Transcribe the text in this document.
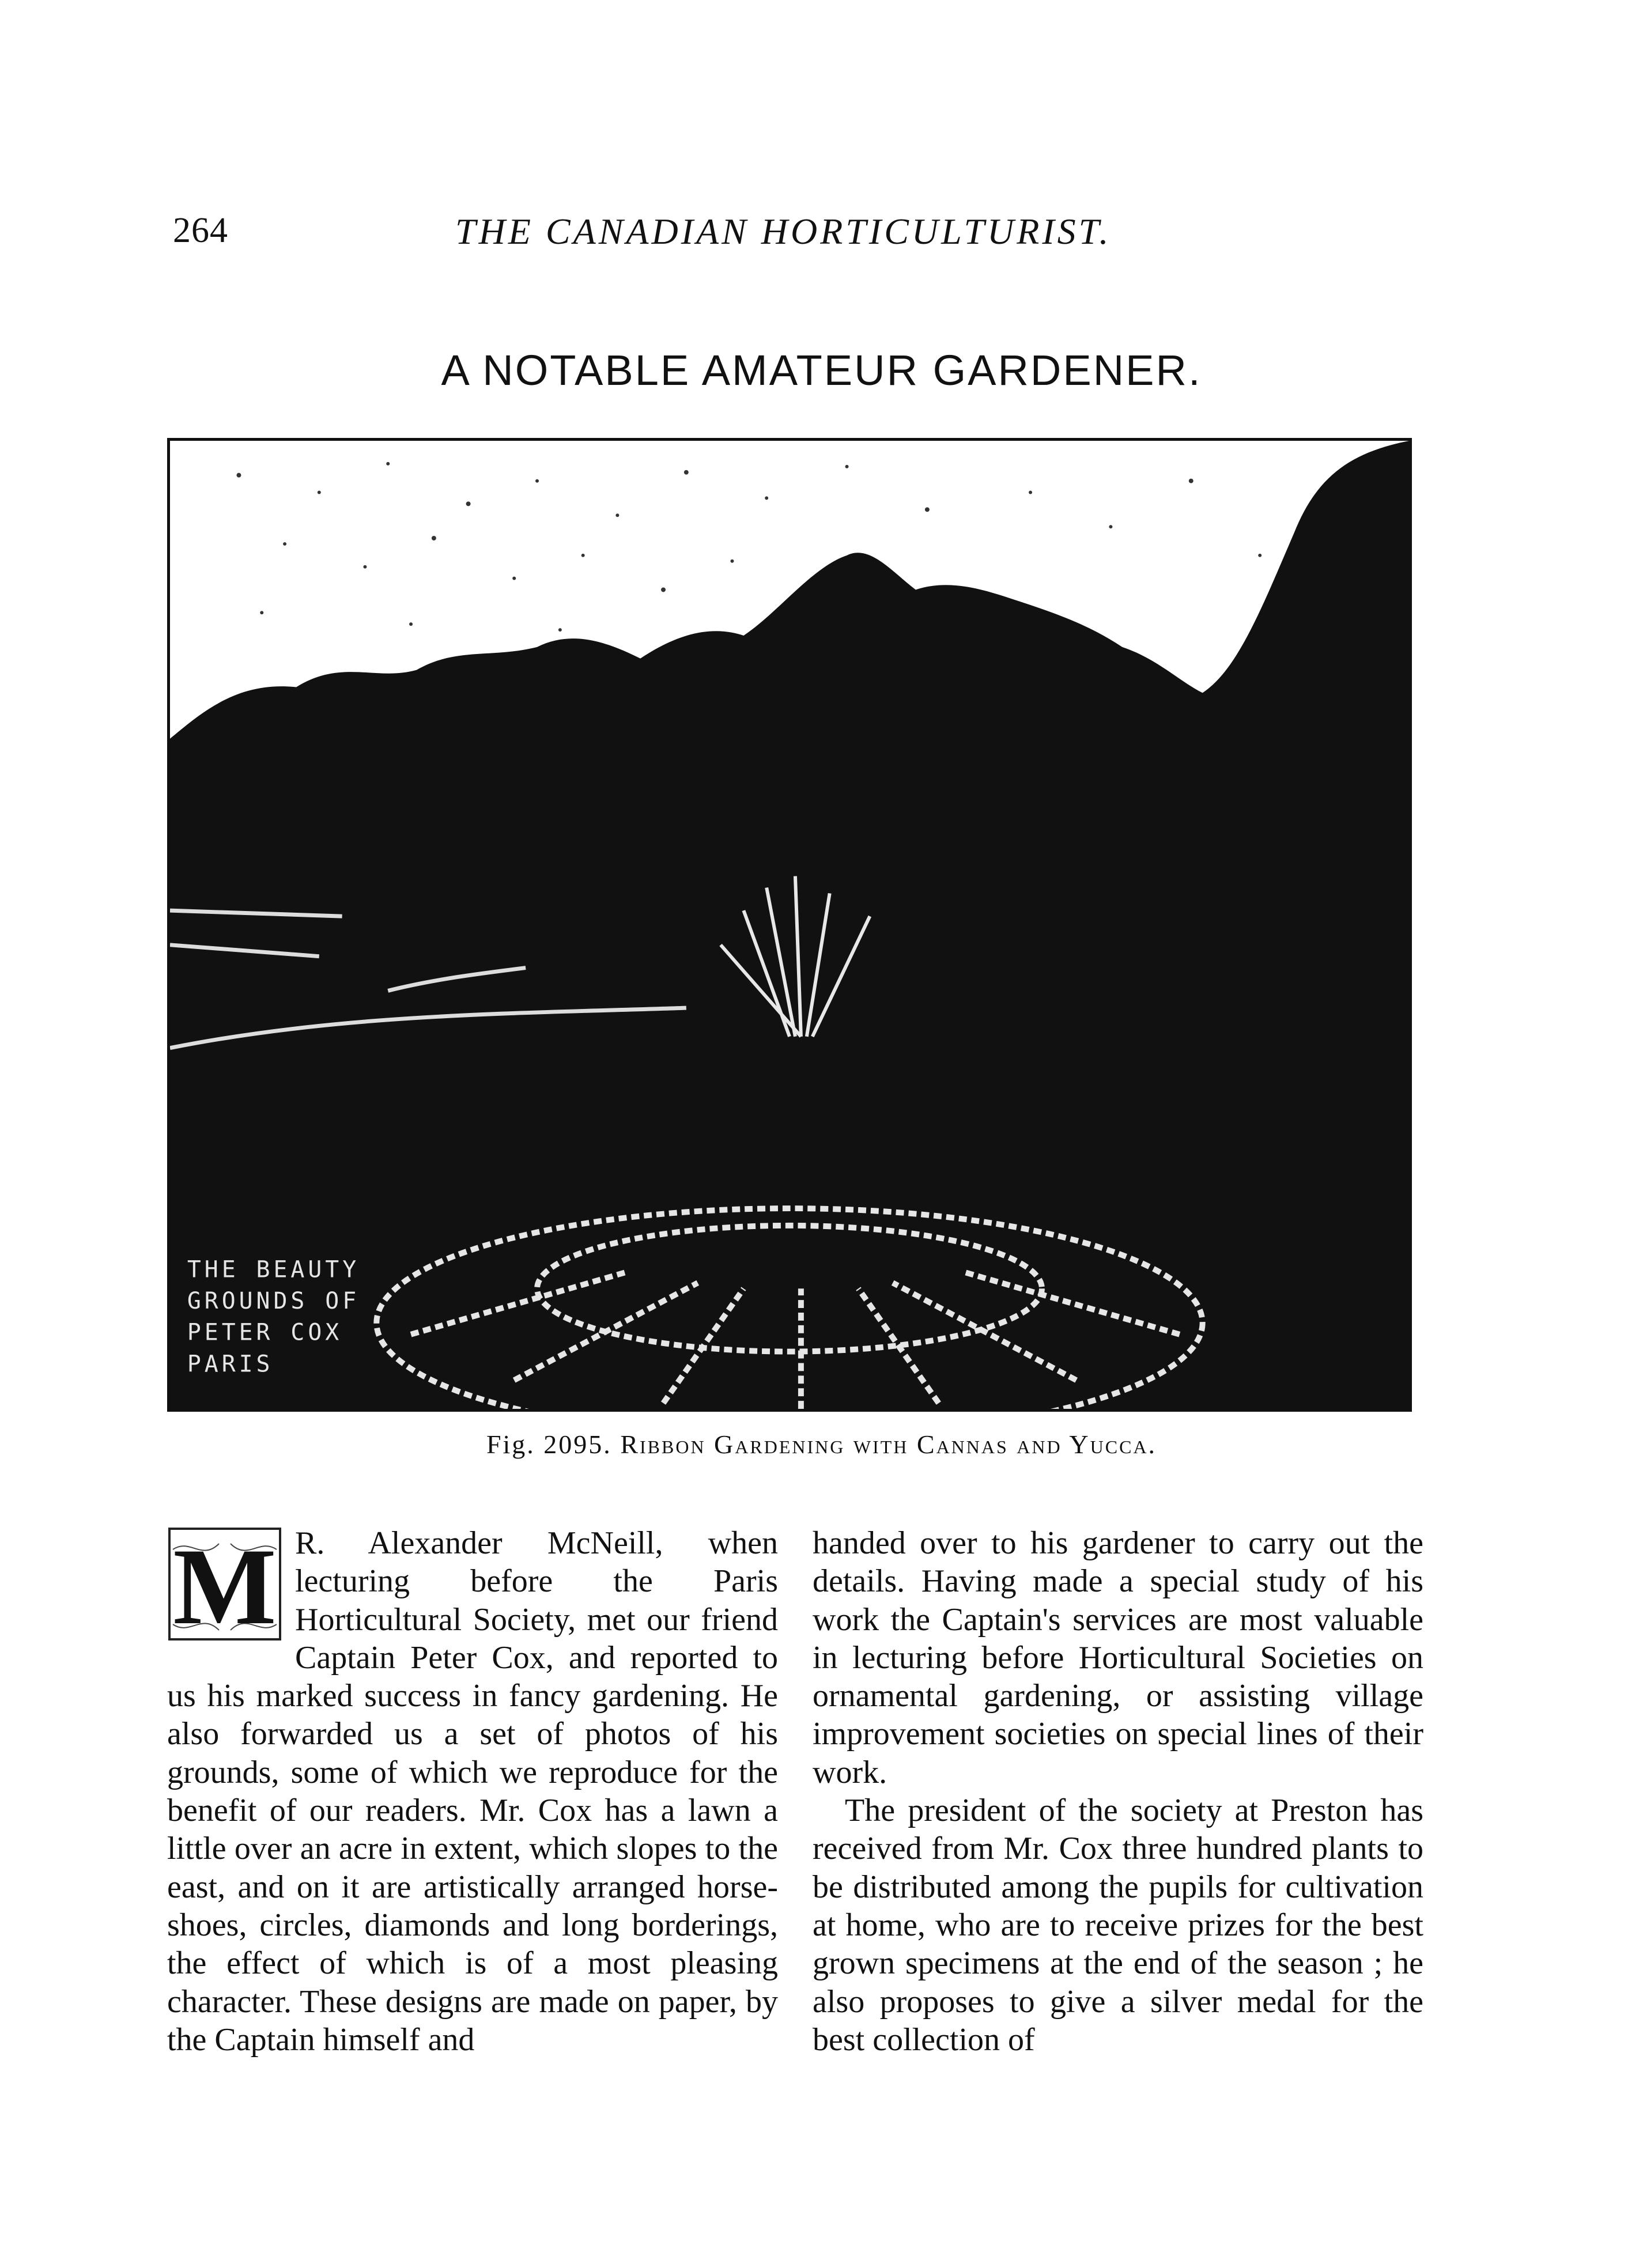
264	THE CANADIAN HORTICULTURIST.
A NOTABLE AMATEUR GARDENER.
THE BEAUTY
GROUNDS OF
PETER COX
PARIS
Fig. 2095. Ribbon Gardening with Cannas and Yucca.
M R. Alexander McNeill, when lecturing before the Paris Horticultural Society, met our friend Captain Peter Cox, and reported to us his marked success in fancy gardening. He also forwarded us a set of photos of his grounds, some of which we reproduce for the benefit of our readers. Mr. Cox has a lawn a little over an acre in extent, which slopes to the east, and on it are artistically arranged horse-shoes, circles, diamonds and long borderings, the effect of which is of a most pleasing character. These designs are made on paper, by the Captain himself and

handed over to his gardener to carry out the details. Having made a special study of his work the Captain's services are most valuable in lecturing before Horticultural Societies on ornamental gardening, or assisting village improvement societies on special lines of their work.

The president of the society at Preston has received from Mr. Cox three hundred plants to be distributed among the pupils for cultivation at home, who are to receive prizes for the best grown specimens at the end of the season ; he also proposes to give a silver medal for the best collection of
